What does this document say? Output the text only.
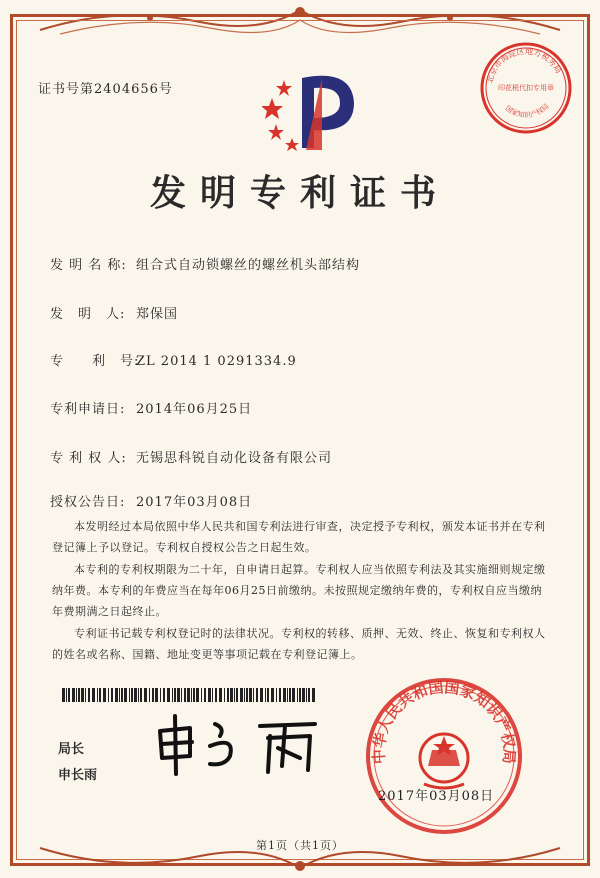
证书号第2404656号
北京市海淀区地方税务局
印花税代扣专用章
国家知识产权局
发明专利证书
发 明 名 称: 组合式自动锁螺丝的螺丝机头部结构
发　明　人: 郑保国
专　　利　号:ZL 2014 1 0291334.9
专利申请日: 2014年06月25日
专 利 权 人: 无锡思科锐自动化设备有限公司
授权公告日: 2017年03月08日

本发明经过本局依照中华人民共和国专利法进行审查，决定授予专利权，颁发本证书并在专利登记簿上予以登记。专利权自授权公告之日起生效。

本专利的专利权期限为二十年，自申请日起算。专利权人应当依照专利法及其实施细则规定缴纳年费。本专利的年费应当在每年06月25日前缴纳。未按照规定缴纳年费的，专利权自应当缴纳年费期满之日起终止。

专利证书记载专利权登记时的法律状况。专利权的转移、质押、无效、终止、恢复和专利权人的姓名或名称、国籍、地址变更等事项记载在专利登记簿上。

局长
申长雨
中华人民共和国国家知识产权局
2017年03月08日
第1页（共1页）
